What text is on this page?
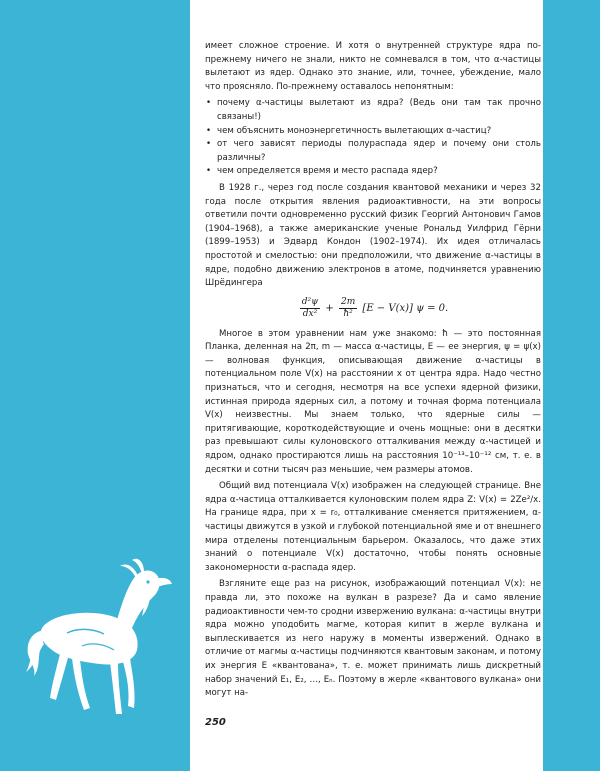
имеет сложное строение. И хотя о внутренней структуре ядра по-прежнему ничего не знали, никто не сомневался в том, что α-частицы вылетают из ядер. Однако это знание, или, точнее, убеждение, мало что проясняло. По-прежнему оставалось непонятным:

• почему α-частицы вылетают из ядра? (Ведь они там так прочно связаны!)
• чем объяснить моноэнергетичность вылетающих α-частиц?
• от чего зависят периоды полураспада ядер и почему они столь различны?
• чем определяется время и место распада ядер?

В 1928 г., через год после создания квантовой механики и через 32 года после открытия явления радиоактивности, на эти вопросы ответили почти одновременно русский физик Георгий Антонович Гамов (1904–1968), а также американские ученые Рональд Уилфрид Гёрни (1899–1953) и Эдвард Кондон (1902–1974). Их идея отличалась простотой и смелостью: они предположили, что движение α-частицы в ядре, подобно движению электронов в атоме, подчиняется уравнению Шрёдингера

$\frac{\text{d²ψ}}{\text{dx²}} + \frac{2m}{\text{ħ²}} [E - V(x)] \psi = 0$.

Многое в этом уравнении нам уже знакомо: ħ — это постоянная Планка, деленная на 2π, m — масса α-частицы, E — ее энергия, ψ = ψ(x) — волновая функция, описывающая движение α-частицы в потенциальном поле V(x) на расстоянии x от центра ядра. Надо честно признаться, что и сегодня, несмотря на все успехи ядерной физики, истинная природа ядерных сил, а потому и точная форма потенциала V(x) неизвестны. Мы знаем только, что ядерные силы — притягивающие, короткодействующие и очень мощные: они в десятки раз превышают силы кулоновского отталкивания между α-частицей и ядром, однако простираются лишь на расстояния 10⁻¹³–10⁻¹² см, т. е. в десятки и сотни тысяч раз меньшие, чем размеры атомов.

Общий вид потенциала V(x) изображен на следующей странице. Вне ядра α-частица отталкивается кулоновским полем ядра Z: V(x) = 2Ze²/x. На границе ядра, при x = r₀, отталкивание сменяется притяжением, α-частицы движутся в узкой и глубокой потенциальной яме и от внешнего мира отделены потенциальным барьером. Оказалось, что даже этих знаний о потенциале V(x) достаточно, чтобы понять основные закономерности α-распада ядер.

Взгляните еще раз на рисунок, изображающий потенциал V(x): не правда ли, это похоже на вулкан в разрезе? Да и само явление радиоактивности чем-то сродни извержению вулкана: α-частицы внутри ядра можно уподобить магме, которая кипит в жерле вулкана и выплескивается из него наружу в моменты извержений. Однако в отличие от магмы α-частицы подчиняются квантовым законам, и потому их энергия E «квантована», т. е. может принимать лишь дискретный набор значений E₁, E₂, …, Eₙ. Поэтому в жерле «квантового вулкана» они могут на-

250
